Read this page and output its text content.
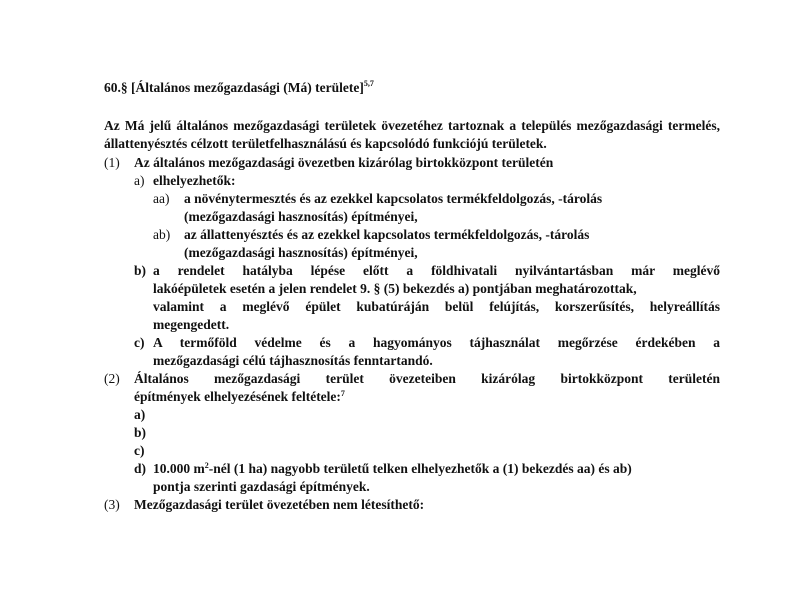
60.§ [Általános mezőgazdasági (Má) területe]$^{5,7}$
Az Má jelű általános mezőgazdasági területek övezetéhez tartoznak a település mezőgazdasági termelés, állattenyésztés célzott területfelhasználású és kapcsolódó funkciójú területek.
(1) Az általános mezőgazdasági övezetben kizárólag birtokközpont területén
a) elhelyezhetők:
aa) a növénytermesztés és az ezekkel kapcsolatos termékfeldolgozás, -tárolás
(mezőgazdasági hasznosítás) építményei,
ab) az állattenyésztés és az ezekkel kapcsolatos termékfeldolgozás, -tárolás
(mezőgazdasági hasznosítás) építményei,
b) a rendelet hatályba lépése előtt a földhivatali nyilvántartásban már meglévő
lakóépületek esetén a jelen rendelet 9. § (5) bekezdés a) pontjában meghatározottak,
valamint a meglévő épület kubatúráján belül felújítás, korszerűsítés, helyreállítás
megengedett.
c) A termőföld védelme és a hagyományos tájhasználat megőrzése érdekében a
mezőgazdasági célú tájhasznosítás fenntartandó.
(2) Általános mezőgazdasági terület övezeteiben kizárólag birtokközpont területén
építmények elhelyezésének feltétele:$^7$
a)
b)
c)
d) 10.000 $m^2$-nél (1 ha) nagyobb területű telken elhelyezhetők a (1) bekezdés aa) és ab)
pontja szerinti gazdasági építmények.
(3) Mezőgazdasági terület övezetében nem létesíthető:
